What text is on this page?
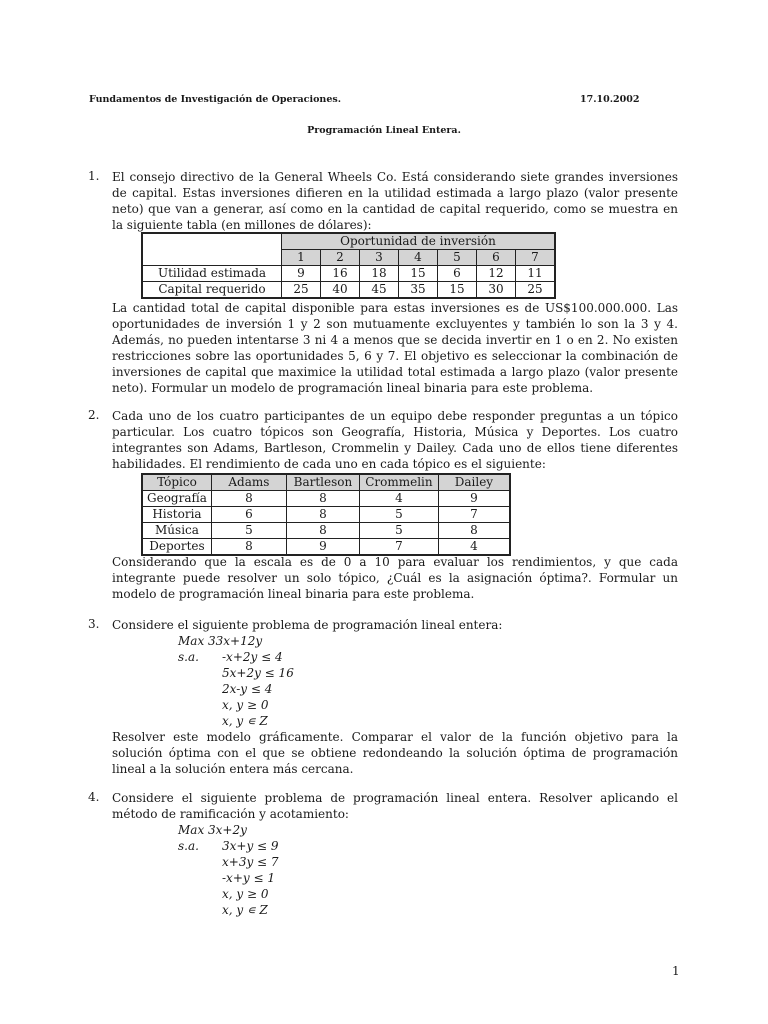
Fundamentos de Investigación de Operaciones.	17.10.2002
Programación Lineal Entera.
1. El consejo directivo de la General Wheels Co. Está considerando siete grandes inversiones de capital. Estas inversiones difieren en la utilidad estimada a largo plazo (valor presente neto) que van a generar, así como en la cantidad de capital requerido, como se muestra en la siguiente tabla (en millones de dólares):
	Oportunidad de inversión						
	1	2	3	4	5	6	7
Utilidad estimada	9	16	18	15	6	12	11
Capital requerido	25	40	45	35	15	30	25
La cantidad total de capital disponible para estas inversiones es de US$100.000.000. Las oportunidades de inversión 1 y 2 son mutuamente excluyentes y también lo son la 3 y 4. Además, no pueden intentarse 3 ni 4 a menos que se decida invertir en 1 o en 2. No existen restricciones sobre las oportunidades 5, 6 y 7. El objetivo es seleccionar la combinación de inversiones de capital que maximice la utilidad total estimada a largo plazo (valor presente neto). Formular un modelo de programación lineal binaria para este problema.
2. Cada uno de los cuatro participantes de un equipo debe responder preguntas a un tópico particular. Los cuatro tópicos son Geografía, Historia, Música y Deportes. Los cuatro integrantes son Adams, Bartleson, Crommelin y Dailey. Cada uno de ellos tiene diferentes habilidades. El rendimiento de cada uno en cada tópico es el siguiente:
Tópico	Adams	Bartleson	Crommelin	Dailey
Geografía	8	8	4	9
Historia	6	8	5	7
Música	5	8	5	8
Deportes	8	9	7	4
Considerando que la escala es de 0 a 10 para evaluar los rendimientos, y que cada integrante puede resolver un solo tópico, ¿Cuál es la asignación óptima?. Formular un modelo de programación lineal binaria para este problema.
3. Considere el siguiente problema de programación lineal entera:
Max 33x+12y
s.a. -x+2y ≤ 4
5x+2y ≤ 16
2x-y ≤ 4
x, y ≥ 0
x, y ∊ Z
Resolver este modelo gráficamente. Comparar el valor de la función objetivo para la solución óptima con el que se obtiene redondeando la solución óptima de programación lineal a la solución entera más cercana.
4. Considere el siguiente problema de programación lineal entera. Resolver aplicando el método de ramificación y acotamiento:
Max 3x+2y
s.a. 3x+y ≤ 9
x+3y ≤ 7
-x+y ≤ 1
x, y ≥ 0
x, y ∊ Z
1
